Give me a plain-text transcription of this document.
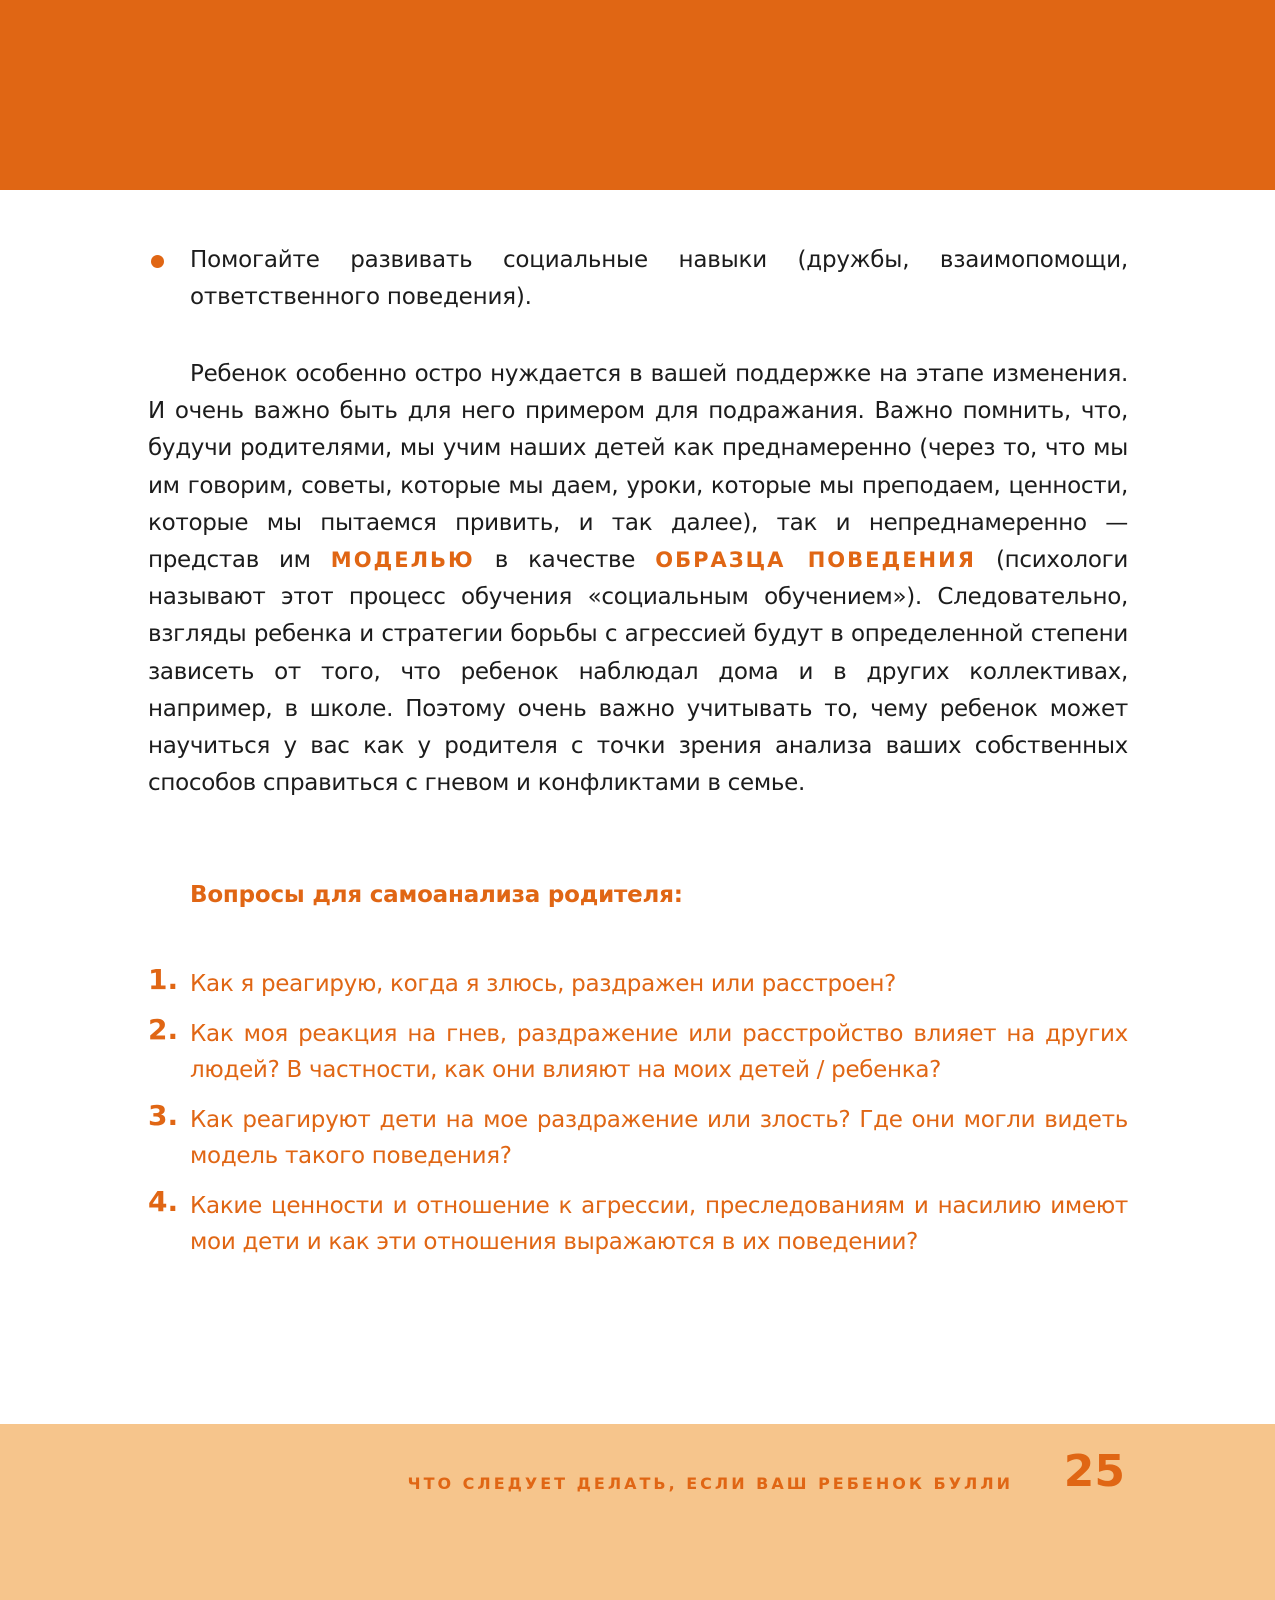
Помогайте развивать социальные навыки (дружбы, взаимопомощи, ответственного поведения).

Ребенок особенно остро нуждается в вашей поддержке на этапе изменения. И очень важно быть для него примером для подражания. Важно помнить, что, будучи родителями, мы учим наших детей как преднамеренно (через то, что мы им говорим, советы, которые мы даем, уроки, которые мы преподаем, ценности, которые мы пытаемся привить, и так далее), так и непреднамеренно — представ им МОДЕЛЬЮ в качестве ОБРАЗЦА ПОВЕДЕНИЯ (психологи называют этот процесс обучения «социальным обучением»). Следовательно, взгляды ребенка и стратегии борьбы с агрессией будут в определенной степени зависеть от того, что ребенок наблюдал дома и в других коллективах, например, в школе. Поэтому очень важно учитывать то, чему ребенок может научиться у вас как у родителя с точки зрения анализа ваших собственных способов справиться с гневом и конфликтами в семье.

Вопросы для самоанализа родителя:
1. Как я реагирую, когда я злюсь, раздражен или расстроен?
2. Как моя реакция на гнев, раздражение или расстройство влияет на других людей? В частности, как они влияют на моих детей / ребенка?
3. Как реагируют дети на мое раздражение или злость? Где они могли видеть модель такого поведения?
4. Какие ценности и отношение к агрессии, преследованиям и насилию имеют мои дети и как эти отношения выражаются в их поведении?
ЧТО СЛЕДУЕТ ДЕЛАТЬ, ЕСЛИ ВАШ РЕБЕНОК БУЛЛИ 25
